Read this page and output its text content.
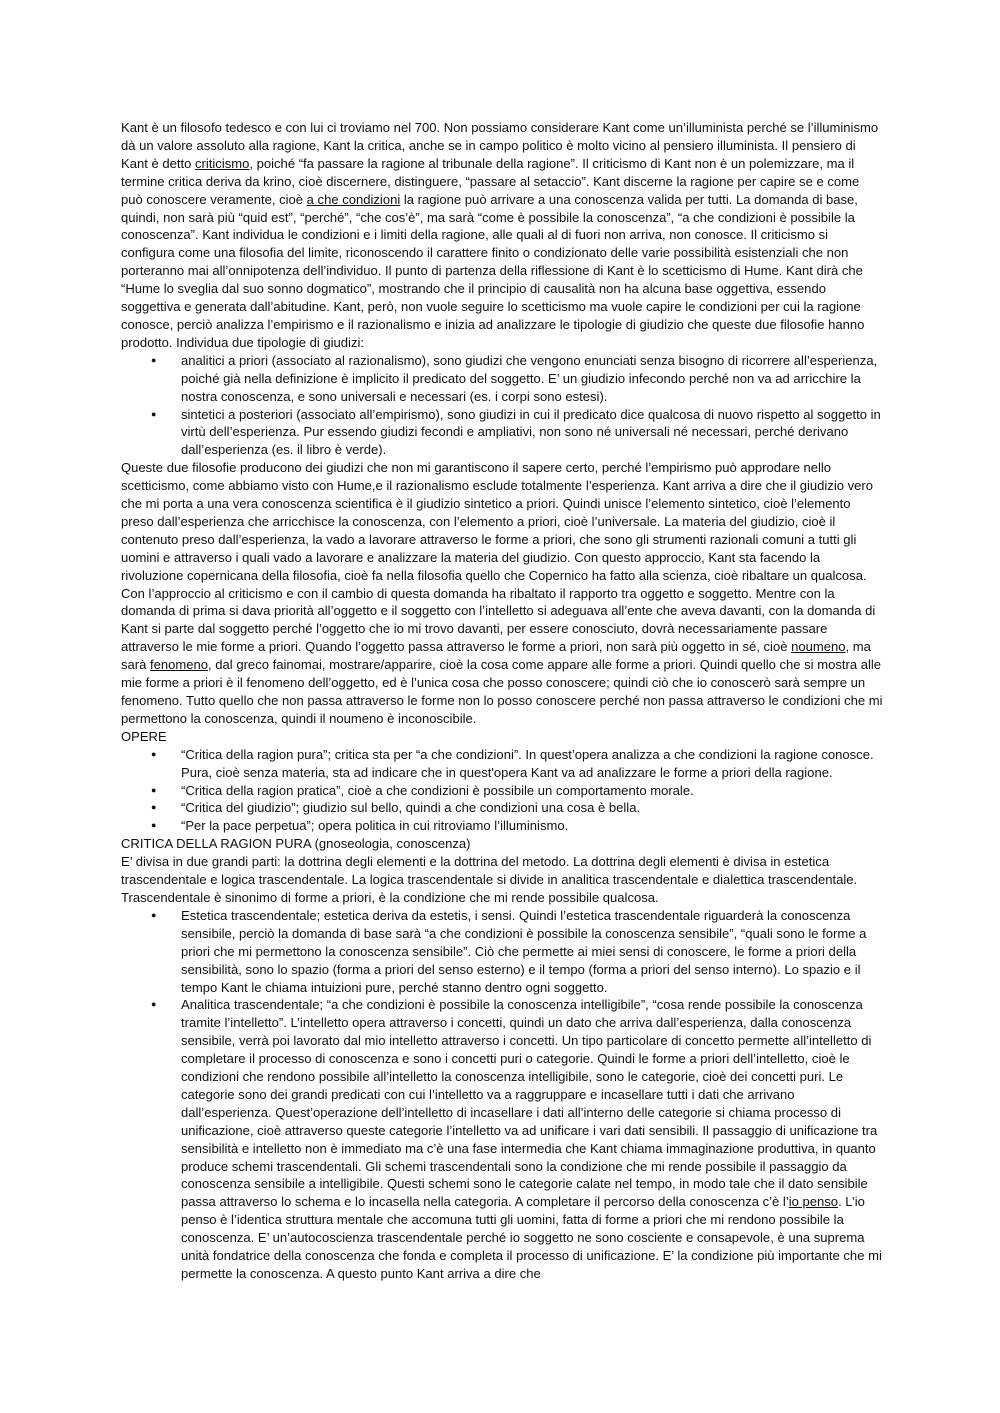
Kant è un filosofo tedesco e con lui ci troviamo nel 700. Non possiamo considerare Kant come un’illuminista perché se l’illuminismo dà un valore assoluto alla ragione, Kant la critica, anche se in campo politico è molto vicino al pensiero illuminista. Il pensiero di Kant è detto criticismo, poiché “fa passare la ragione al tribunale della ragione”. Il criticismo di Kant non è un polemizzare, ma il termine critica deriva da krino, cioè discernere, distinguere, “passare al setaccio”. Kant discerne la ragione per capire se e come può conoscere veramente, cioè a che condizioni la ragione può arrivare a una conoscenza valida per tutti. La domanda di base, quindi, non sarà più “quid est”, “perché”, “che cos’è”, ma sarà “come è possibile la conoscenza”, “a che condizioni è possibile la conoscenza”. Kant individua le condizioni e i limiti della ragione, alle quali al di fuori non arriva, non conosce. Il criticismo si configura come una filosofia del limite, riconoscendo il carattere finito o condizionato delle varie possibilità esistenziali che non porteranno mai all’onnipotenza dell’individuo. Il punto di partenza della riflessione di Kant è lo scetticismo di Hume. Kant dirà che “Hume lo sveglia dal suo sonno dogmatico”, mostrando che il principio di causalità non ha alcuna base oggettiva, essendo soggettiva e generata dall’abitudine. Kant, però, non vuole seguire lo scetticismo ma vuole capire le condizioni per cui la ragione conosce, perciò analizza l’empirismo e il razionalismo e inizia ad analizzare le tipologie di giudizio che queste due filosofie hanno prodotto. Individua due tipologie di giudizi:

● analitici a priori (associato al razionalismo), sono giudizi che vengono enunciati senza bisogno di ricorrere all’esperienza, poiché già nella definizione è implicito il predicato del soggetto. E’ un giudizio infecondo perché non va ad arricchire la nostra conoscenza, e sono universali e necessari (es. i corpi sono estesi).
● sintetici a posteriori (associato all’empirismo), sono giudizi in cui il predicato dice qualcosa di nuovo rispetto al soggetto in virtù dell’esperienza. Pur essendo giudizi fecondi e ampliativi, non sono né universali né necessari, perché derivano dall’esperienza (es. il libro è verde).

Queste due filosofie producono dei giudizi che non mi garantiscono il sapere certo, perché l’empirismo può approdare nello scetticismo, come abbiamo visto con Hume,e il razionalismo esclude totalmente l’esperienza. Kant arriva a dire che il giudizio vero che mi porta a una vera conoscenza scientifica è il giudizio sintetico a priori. Quindi unisce l’elemento sintetico, cioè l’elemento preso dall’esperienza che arricchisce la conoscenza, con l’elemento a priori, cioè l’universale. La materia del giudizio, cioè il contenuto preso dall’esperienza, la vado a lavorare attraverso le forme a priori, che sono gli strumenti razionali comuni a tutti gli uomini e attraverso i quali vado a lavorare e analizzare la materia del giudizio. Con questo approccio, Kant sta facendo la rivoluzione copernicana della filosofia, cioè fa nella filosofia quello che Copernico ha fatto alla scienza, cioè ribaltare un qualcosa. Con l’approccio al criticismo e con il cambio di questa domanda ha ribaltato il rapporto tra oggetto e soggetto. Mentre con la domanda di prima si dava priorità all’oggetto e il soggetto con l’intelletto si adeguava all’ente che aveva davanti, con la domanda di Kant si parte dal soggetto perché l’oggetto che io mi trovo davanti, per essere conosciuto, dovrà necessariamente passare attraverso le mie forme a priori. Quando l’oggetto passa attraverso le forme a priori, non sarà più oggetto in sé, cioè noumeno, ma sarà fenomeno, dal greco fainomai, mostrare/apparire, cioè la cosa come appare alle forme a priori. Quindi quello che si mostra alle mie forme a priori è il fenomeno dell’oggetto, ed è l’unica cosa che posso conoscere; quindi ciò che io conoscerò sarà sempre un fenomeno. Tutto quello che non passa attraverso le forme non lo posso conoscere perché non passa attraverso le condizioni che mi permettono la conoscenza, quindi il noumeno è inconoscibile.

OPERE

● “Critica della ragion pura”; critica sta per “a che condizioni”. In quest’opera analizza a che condizioni la ragione conosce. Pura, cioè senza materia, sta ad indicare che in quest'opera Kant va ad analizzare le forme a priori della ragione.
● “Critica della ragion pratica”, cioè a che condizioni è possibile un comportamento morale.
● “Critica del giudizio”; giudizio sul bello, quindi a che condizioni una cosa è bella.
● “Per la pace perpetua”; opera politica in cui ritroviamo l’illuminismo.

CRITICA DELLA RAGION PURA (gnoseologia, conoscenza)

E’ divisa in due grandi parti: la dottrina degli elementi e la dottrina del metodo. La dottrina degli elementi è divisa in estetica trascendentale e logica trascendentale. La logica trascendentale si divide in analitica trascendentale e dialettica trascendentale. Trascendentale è sinonimo di forme a priori, è la condizione che mi rende possibile qualcosa.

● Estetica trascendentale; estetica deriva da estetis, i sensi. Quindi l’estetica trascendentale riguarderà la conoscenza sensibile, perciò la domanda di base sarà “a che condizioni è possibile la conoscenza sensibile”, “quali sono le forme a priori che mi permettono la conoscenza sensibile”. Ciò che permette ai miei sensi di conoscere, le forme a priori della sensibilità, sono lo spazio (forma a priori del senso esterno) e il tempo (forma a priori del senso interno). Lo spazio e il tempo Kant le chiama intuizioni pure, perché stanno dentro ogni soggetto.
● Analitica trascendentale; “a che condizioni è possibile la conoscenza intelligibile”, “cosa rende possibile la conoscenza tramite l’intelletto”. L’intelletto opera attraverso i concetti, quindi un dato che arriva dall’esperienza, dalla conoscenza sensibile, verrà poi lavorato dal mio intelletto attraverso i concetti. Un tipo particolare di concetto permette all’intelletto di completare il processo di conoscenza e sono i concetti puri o categorie. Quindi le forme a priori dell’intelletto, cioè le condizioni che rendono possibile all’intelletto la conoscenza intelligibile, sono le categorie, cioè dei concetti puri. Le categorie sono dei grandi predicati con cui l’intelletto va a raggruppare e incasellare tutti i dati che arrivano dall’esperienza. Quest’operazione dell’intelletto di incasellare i dati all’interno delle categorie si chiama processo di unificazione, cioè attraverso queste categorie l’intelletto va ad unificare i vari dati sensibili. Il passaggio di unificazione tra sensibilità e intelletto non è immediato ma c’è una fase intermedia che Kant chiama immaginazione produttiva, in quanto produce schemi trascendentali. Gli schemi trascendentali sono la condizione che mi rende possibile il passaggio da conoscenza sensibile a intelligibile. Questi schemi sono le categorie calate nel tempo, in modo tale che il dato sensibile passa attraverso lo schema e lo incasella nella categoria. A completare il percorso della conoscenza c’è l’io penso. L’io penso è l’identica struttura mentale che accomuna tutti gli uomini, fatta di forme a priori che mi rendono possibile la conoscenza. E’ un’autocoscienza trascendentale perché io soggetto ne sono cosciente e consapevole, è una suprema unità fondatrice della conoscenza che fonda e completa il processo di unificazione. E’ la condizione più importante che mi permette la conoscenza. A questo punto Kant arriva a dire che
